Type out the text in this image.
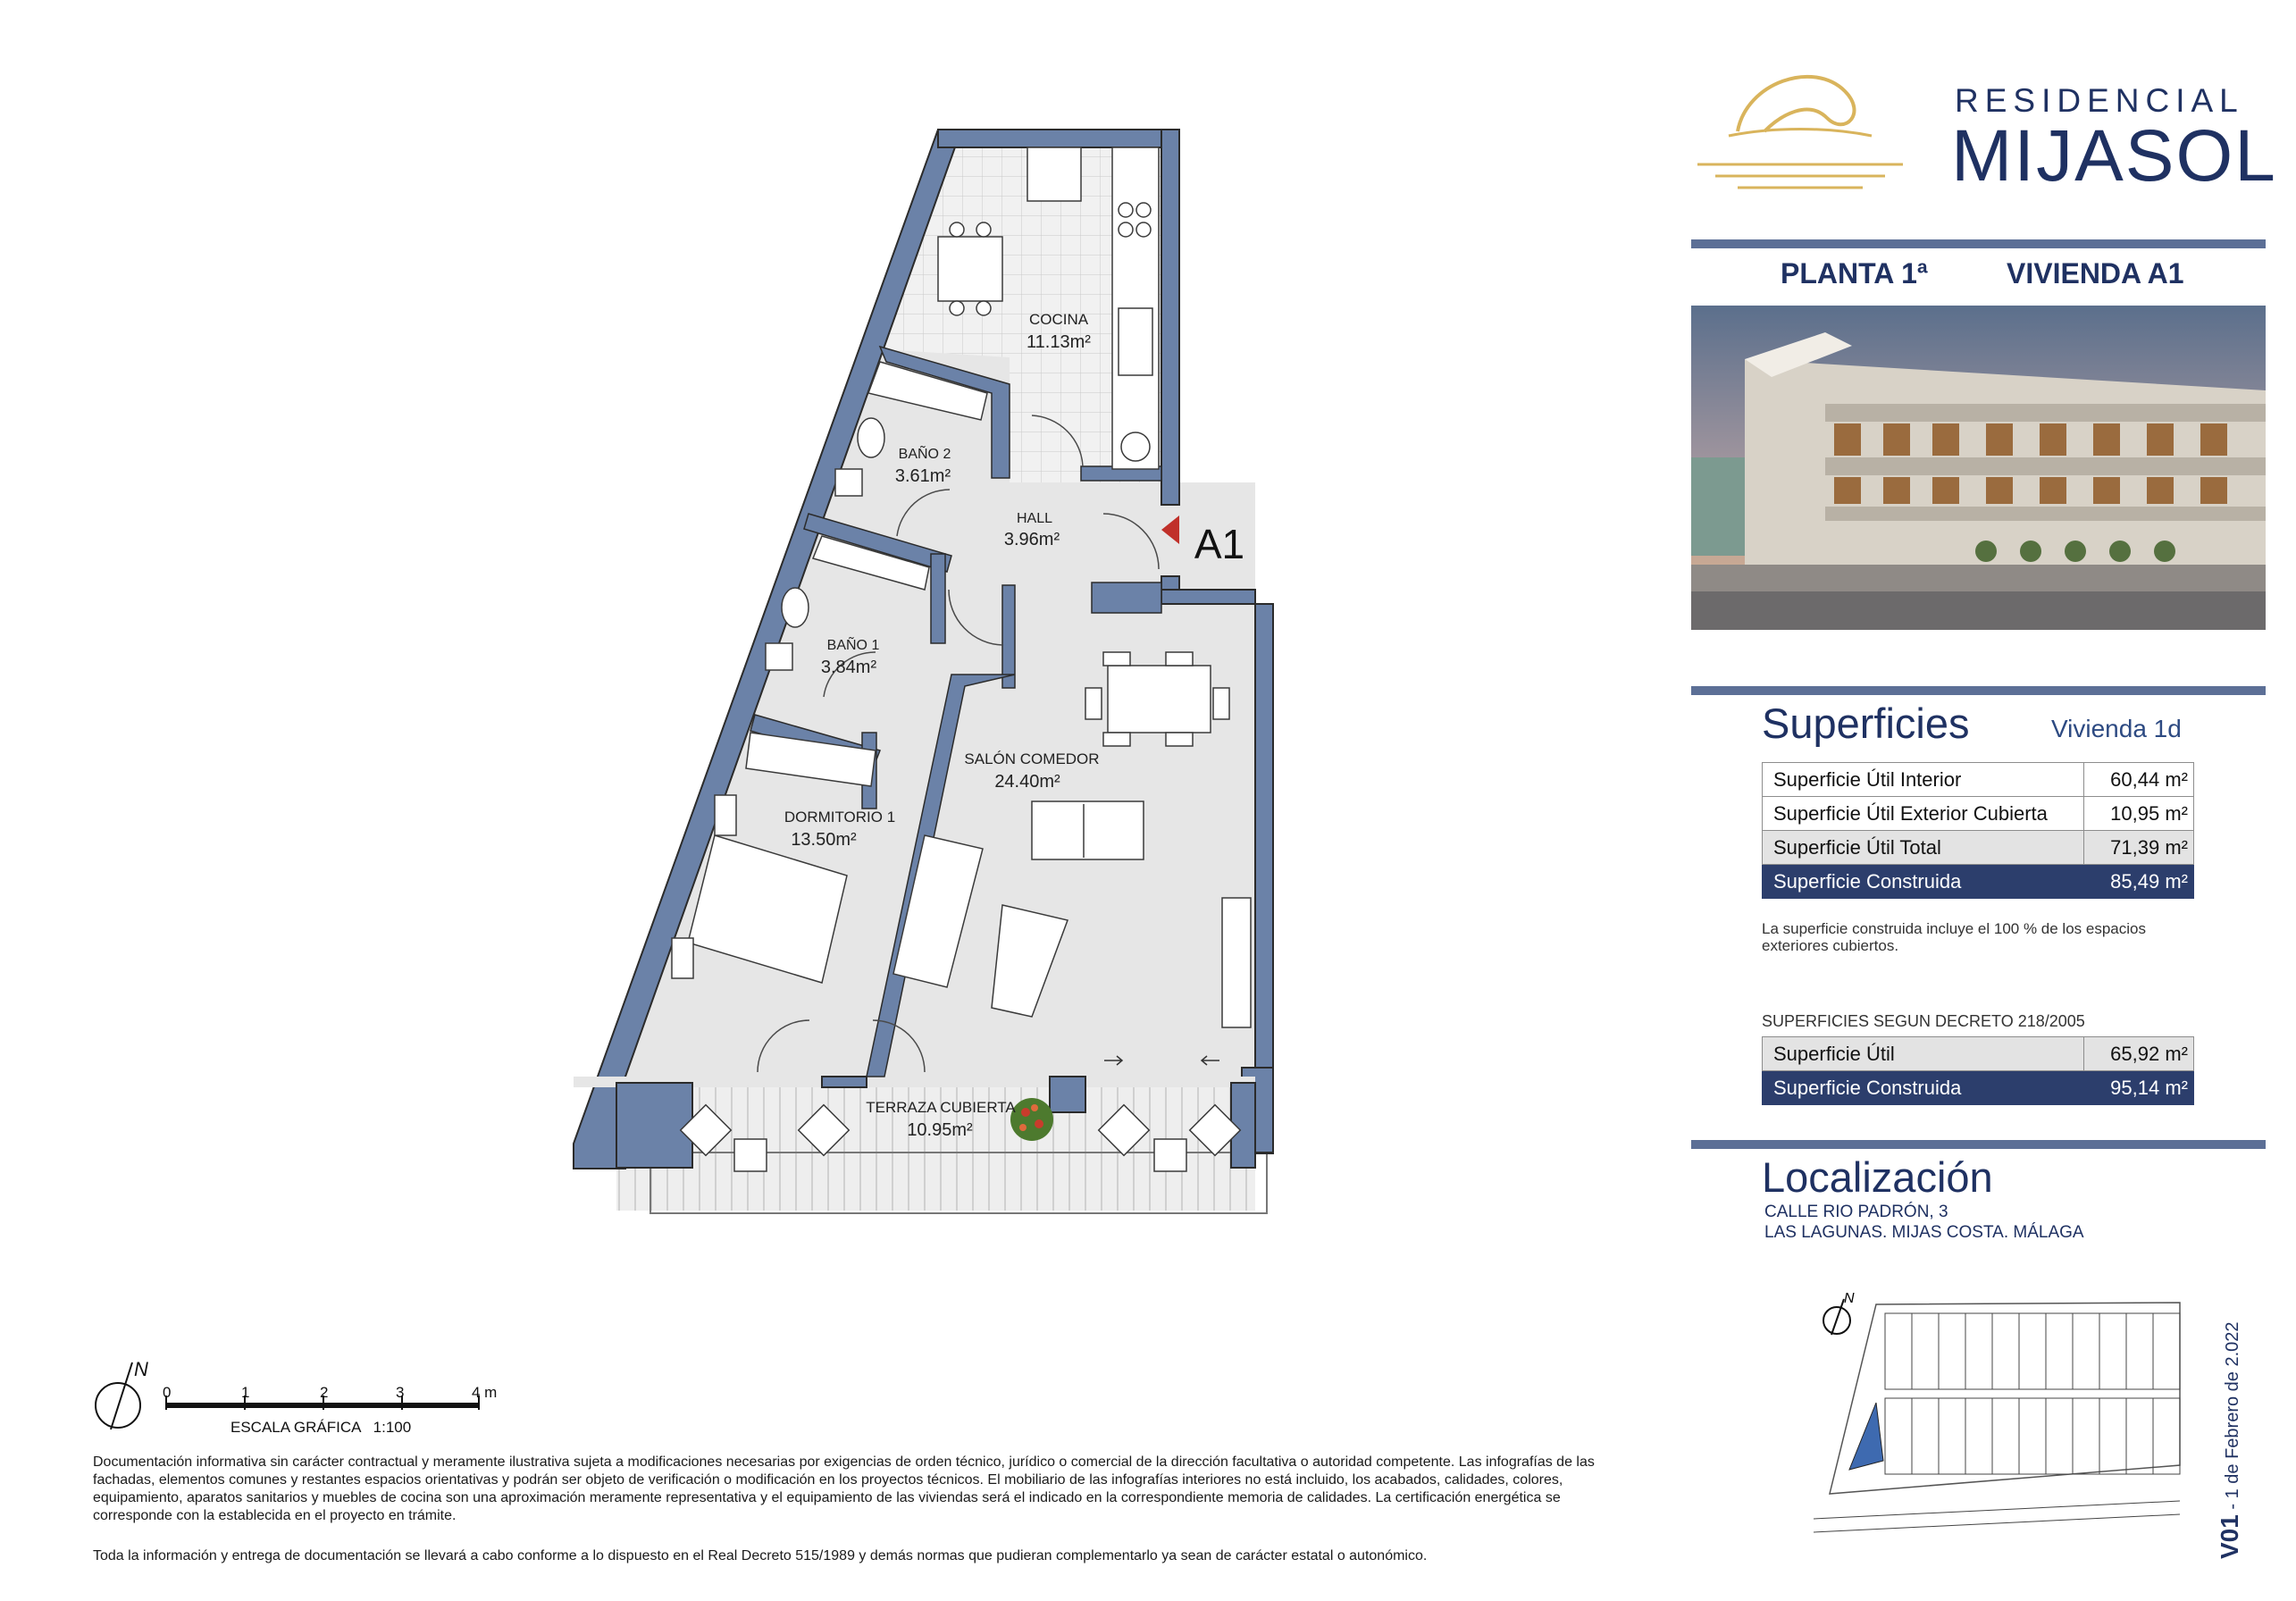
COCINA
11.13m²
BAÑO 2
3.61m²
HALL
3.96m²
BAÑO 1
3.84m²
SALÓN COMEDOR
24.40m²
DORMITORIO 1
13.50m²
TERRAZA CUBIERTA
10.95m²
A1
N
0	1	2	3	4 m
ESCALA GRÁFICA   1:100
RESIDENCIAL
MIJASOL
PLANTA 1ª	VIVIENDA A1
Superficies	Vivienda 1d
Superficie Útil Interior	60,44 m²
Superficie Útil Exterior Cubierta	10,95 m²
Superficie Útil Total	71,39 m²
Superficie Construida	85,49 m²
La superficie construida incluye el 100 % de los espacios exteriores cubiertos.
SUPERFICIES SEGUN DECRETO 218/2005
Superficie Útil	65,92 m²
Superficie Construida	95,14 m²
Localización
CALLE RIO PADRÓN, 3
LAS LAGUNAS. MIJAS COSTA. MÁLAGA
N
Documentación informativa sin carácter contractual y meramente ilustrativa sujeta a modificaciones necesarias por exigencias de orden técnico, jurídico o comercial de la dirección facultativa o autoridad competente. Las infografías de las fachadas, elementos comunes y restantes espacios orientativas y podrán ser objeto de verificación o modificación en los proyectos técnicos. El mobiliario de las infografías interiores no está incluido, los acabados, calidades, colores, equipamiento, aparatos sanitarios y muebles de cocina son una aproximación meramente representativa y el equipamiento de las viviendas será el indicado en la correspondiente memoria de calidades. La certificación energética se corresponde con la establecida en el proyecto en trámite.
Toda la información y entrega de documentación se llevará a cabo conforme a lo dispuesto en el Real Decreto 515/1989 y demás normas que pudieran complementarlo ya sean de carácter estatal o autonómico.	V01 - 1 de Febrero de 2.022
